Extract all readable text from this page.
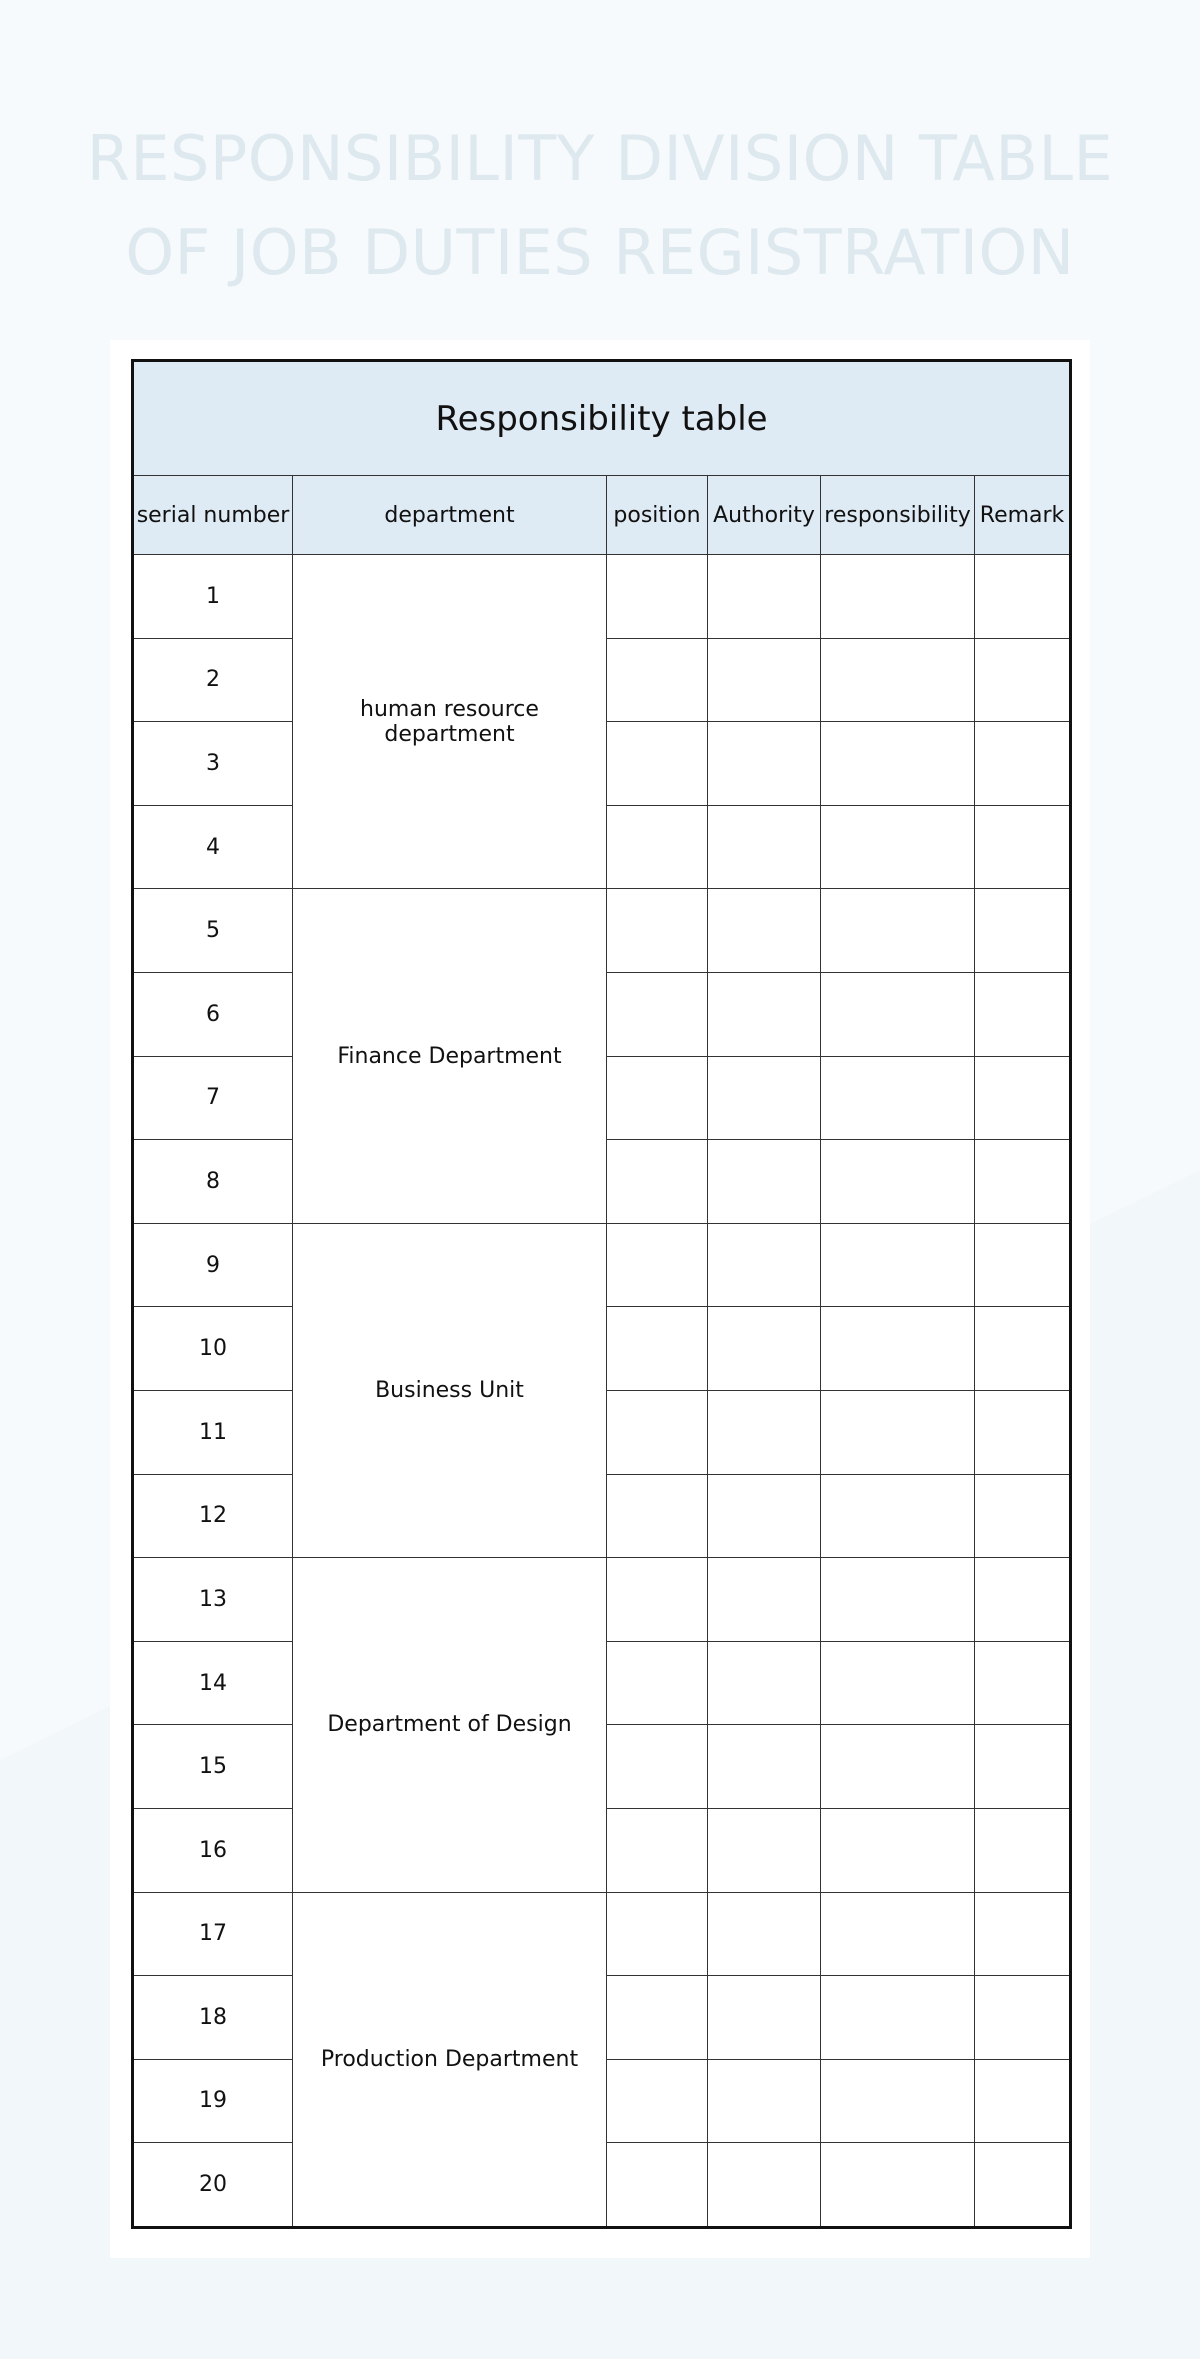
RESPONSIBILITY DIVISION TABLE
OF JOB DUTIES REGISTRATION
Responsibility table					
serial number	department	position	Authority	responsibility	Remark
1	human resource department				
2					
3					
4					
5	Finance Department				
6					
7					
8					
9	Business Unit				
10					
11					
12					
13	Department of Design				
14					
15					
16					
17	Production Department				
18					
19					
20					
